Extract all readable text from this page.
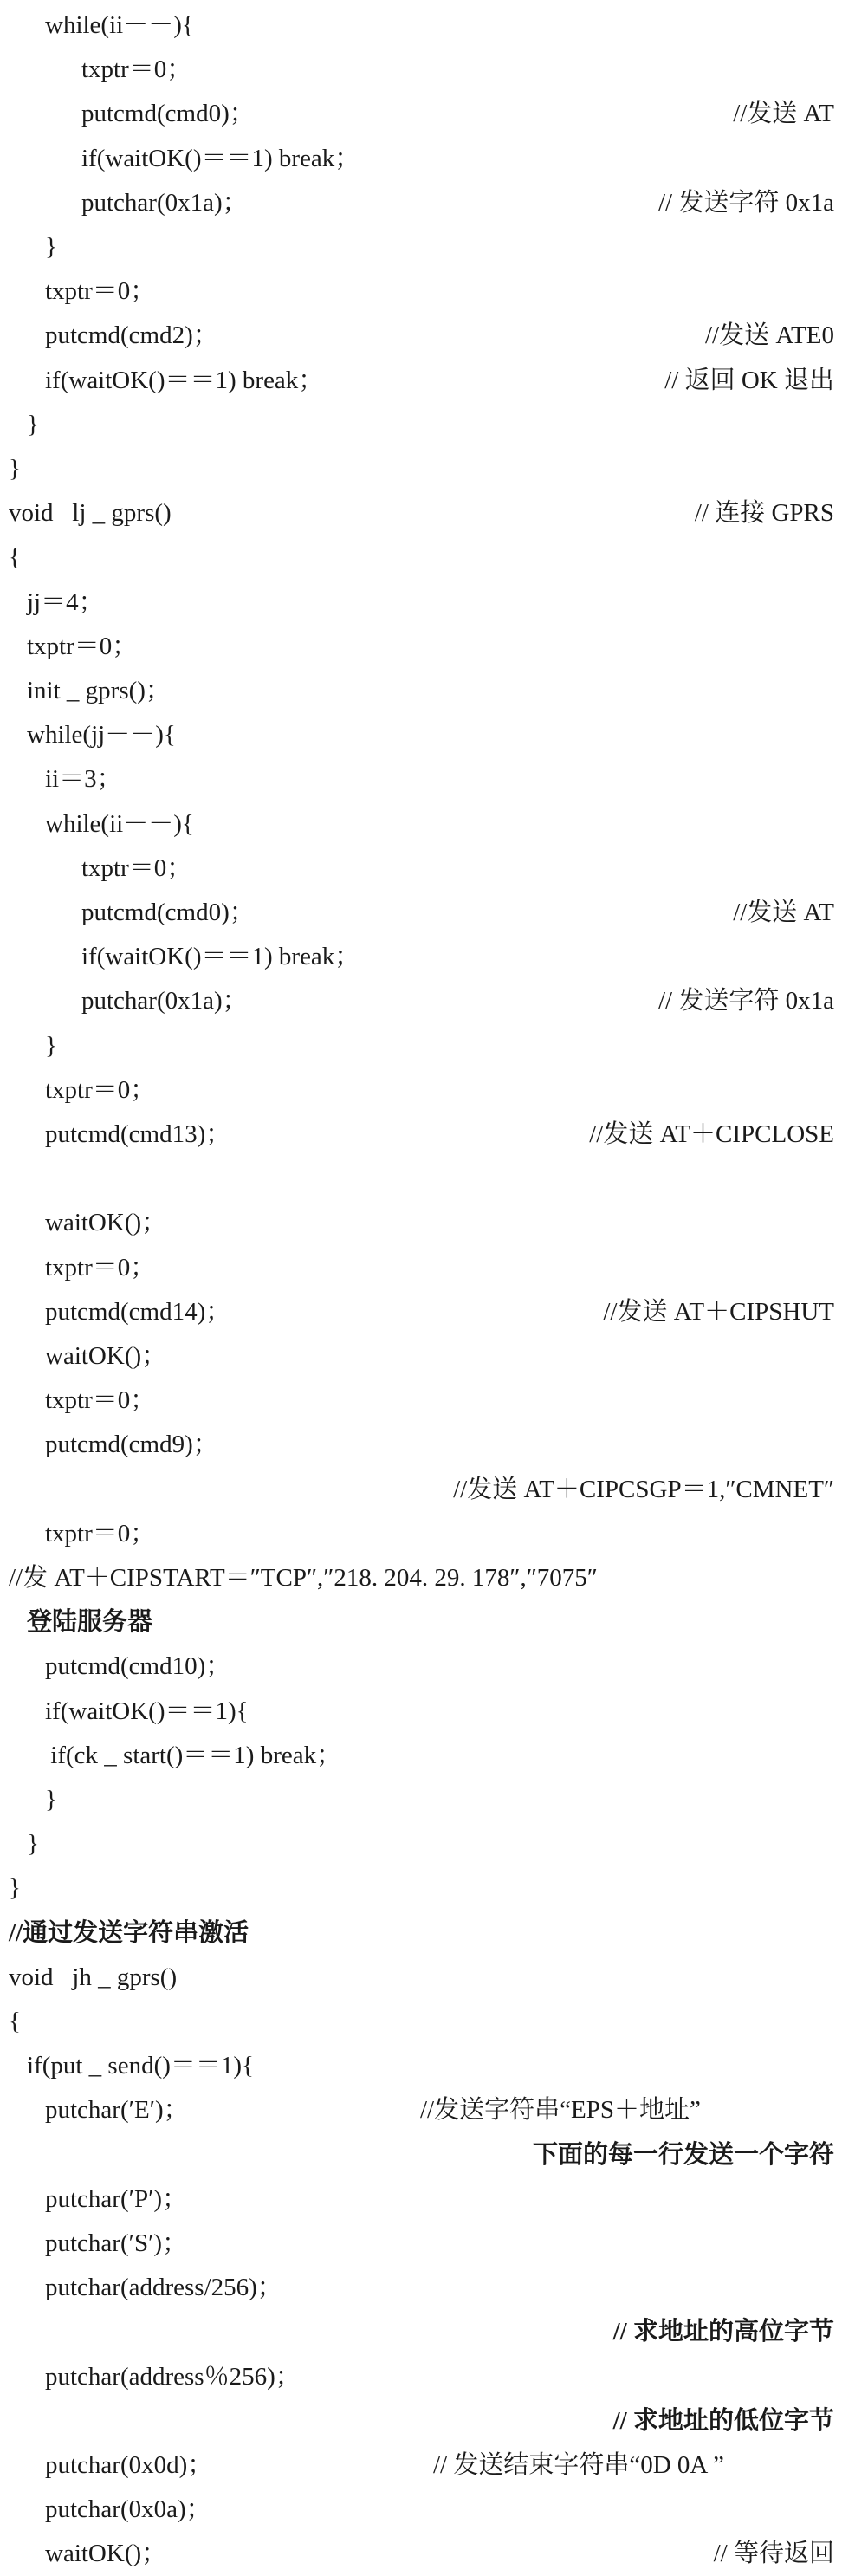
while(ii－－){
txptr＝0；
putcmd(cmd0)；	//发送 AT
if(waitOK()＝＝1) break；
putchar(0x1a)；	// 发送字符 0x1a
}
txptr＝0；
putcmd(cmd2)；	//发送 ATE0
if(waitOK()＝＝1) break；	// 返回 OK 退出
}
}
void   lj _ gprs()	// 连接 GPRS
{
jj＝4；
txptr＝0；
init _ gprs()；
while(jj－－){
ii＝3；
while(ii－－){
txptr＝0；
putcmd(cmd0)；	//发送 AT
if(waitOK()＝＝1) break；
putchar(0x1a)；	// 发送字符 0x1a
}
txptr＝0；
putcmd(cmd13)；	//发送 AT＋CIPCLOSE
waitOK()；
txptr＝0；
putcmd(cmd14)；	//发送 AT＋CIPSHUT
waitOK()；
txptr＝0；
putcmd(cmd9)；
//发送 AT＋CIPCSGP＝1,″CMNET″
txptr＝0；
//发 AT＋CIPSTART＝″TCP″,″218. 204. 29. 178″,″7075″
登陆服务器
putcmd(cmd10)；
if(waitOK()＝＝1){
if(ck _ start()＝＝1) break；
}
}
}
//通过发送字符串激活
void   jh _ gprs()
{
if(put _ send()＝＝1){
putchar(′E′)；	//发送字符串“EPS＋地址”
下面的每一行发送一个字符
putchar(′P′)；
putchar(′S′)；
putchar(address/256)；
// 求地址的高位字节
putchar(address％256)；
// 求地址的低位字节
putchar(0x0d)；	// 发送结束字符串“0D 0A ”
putchar(0x0a)；
waitOK()；	// 等待返回
